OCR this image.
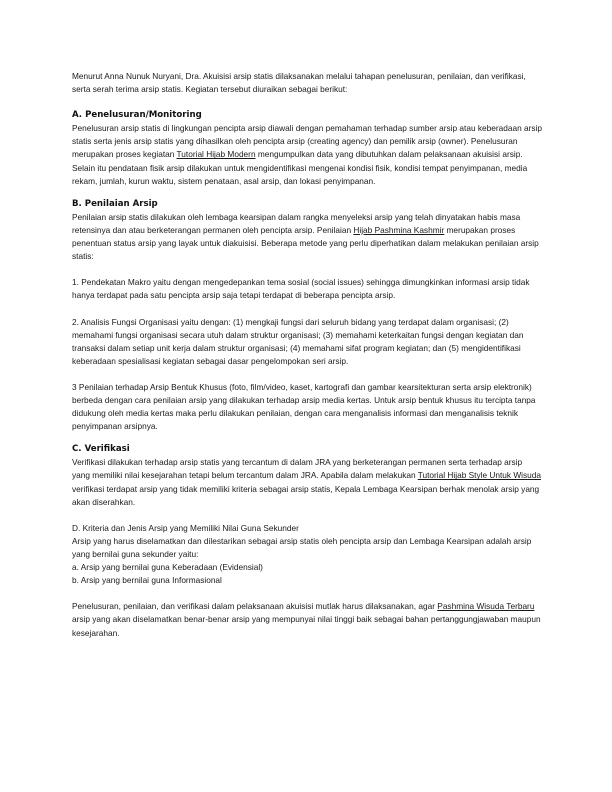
Menurut Anna Nunuk Nuryani, Dra. Akuisisi arsip statis dilaksanakan melalui tahapan penelusuran, penilaian, dan verifikasi, serta serah terima arsip statis. Kegiatan tersebut diuraikan sebagai berikut:

A. Penelusuran/Monitoring

Penelusuran arsip statis di lingkungan pencipta arsip diawali dengan pemahaman terhadap sumber arsip atau keberadaan arsip statis serta jenis arsip statis yang dihasilkan oleh pencipta arsip (creating agency) dan pemilik arsip (owner). Penelusuran merupakan proses kegiatan Tutorial Hijab Modern mengumpulkan data yang dibutuhkan dalam pelaksanaan akuisisi arsip. Selain itu pendataan fisik arsip dilakukan untuk mengidentifikasi mengenai kondisi fisik, kondisi tempat penyimpanan, media rekam, jumlah, kurun waktu, sistem penataan, asal arsip, dan lokasi penyimpanan.

B. Penilaian Arsip

Penilaian arsip statis dilakukan oleh lembaga kearsipan dalam rangka menyeleksi arsip yang telah dinyatakan habis masa retensinya dan atau berketerangan permanen oleh pencipta arsip. Penilaian Hijab Pashmina Kashmir merupakan proses penentuan status arsip yang layak untuk diakuisisi. Beberapa metode yang perlu diperhatikan dalam melakukan penilaian arsip statis:

1. Pendekatan Makro yaitu dengan mengedepankan tema sosial (social issues) sehingga dimungkinkan informasi arsip tidak hanya terdapat pada satu pencipta arsip saja tetapi terdapat di beberapa pencipta arsip.

2. Analisis Fungsi Organisasi yaitu dengan: (1) mengkaji fungsi dari seluruh bidang yang terdapat dalam organisasi; (2) memahami fungsi organisasi secara utuh dalam struktur organisasi; (3) memahami keterkaitan fungsi dengan kegiatan dan transaksi dalam setiap unit kerja dalam struktur organisasi; (4) memahami sifat program kegiatan; dan (5) mengidentifikasi keberadaan spesialisasi kegiatan sebagai dasar pengelompokan seri arsip.

3 Penilaian terhadap Arsip Bentuk Khusus (foto, film/video, kaset, kartografi dan gambar kearsitekturan serta arsip elektronik) berbeda dengan cara penilaian arsip yang dilakukan terhadap arsip media kertas. Untuk arsip bentuk khusus itu tercipta tanpa didukung oleh media kertas maka perlu dilakukan penilaian, dengan cara menganalisis informasi dan menganalisis teknik penyimpanan arsipnya.

C. Verifikasi

Verifikasi dilakukan terhadap arsip statis yang tercantum di dalam JRA yang berketerangan permanen serta terhadap arsip yang memiliki nilai kesejarahan tetapi belum tercantum dalam JRA. Apabila dalam melakukan Tutorial Hijab Style Untuk Wisuda verifikasi terdapat arsip yang tidak memiliki kriteria sebagai arsip statis, Kepala Lembaga Kearsipan berhak menolak arsip yang akan diserahkan.

D. Kriteria dan Jenis Arsip yang Memiliki Nilai Guna Sekunder

Arsip yang harus diselamatkan dan dilestarikan sebagai arsip statis oleh pencipta arsip dan Lembaga Kearsipan adalah arsip yang bernilai guna sekunder yaitu:

a. Arsip yang bernilai guna Keberadaan (Evidensial)

b. Arsip yang bernilai guna Informasional

Penelusuran, penilaian, dan verifikasi dalam pelaksanaan akuisisi mutlak harus dilaksanakan, agar Pashmina Wisuda Terbaru arsip yang akan diselamatkan benar-benar arsip yang mempunyai nilai tinggi baik sebagai bahan pertanggungjawaban maupun kesejarahan.
